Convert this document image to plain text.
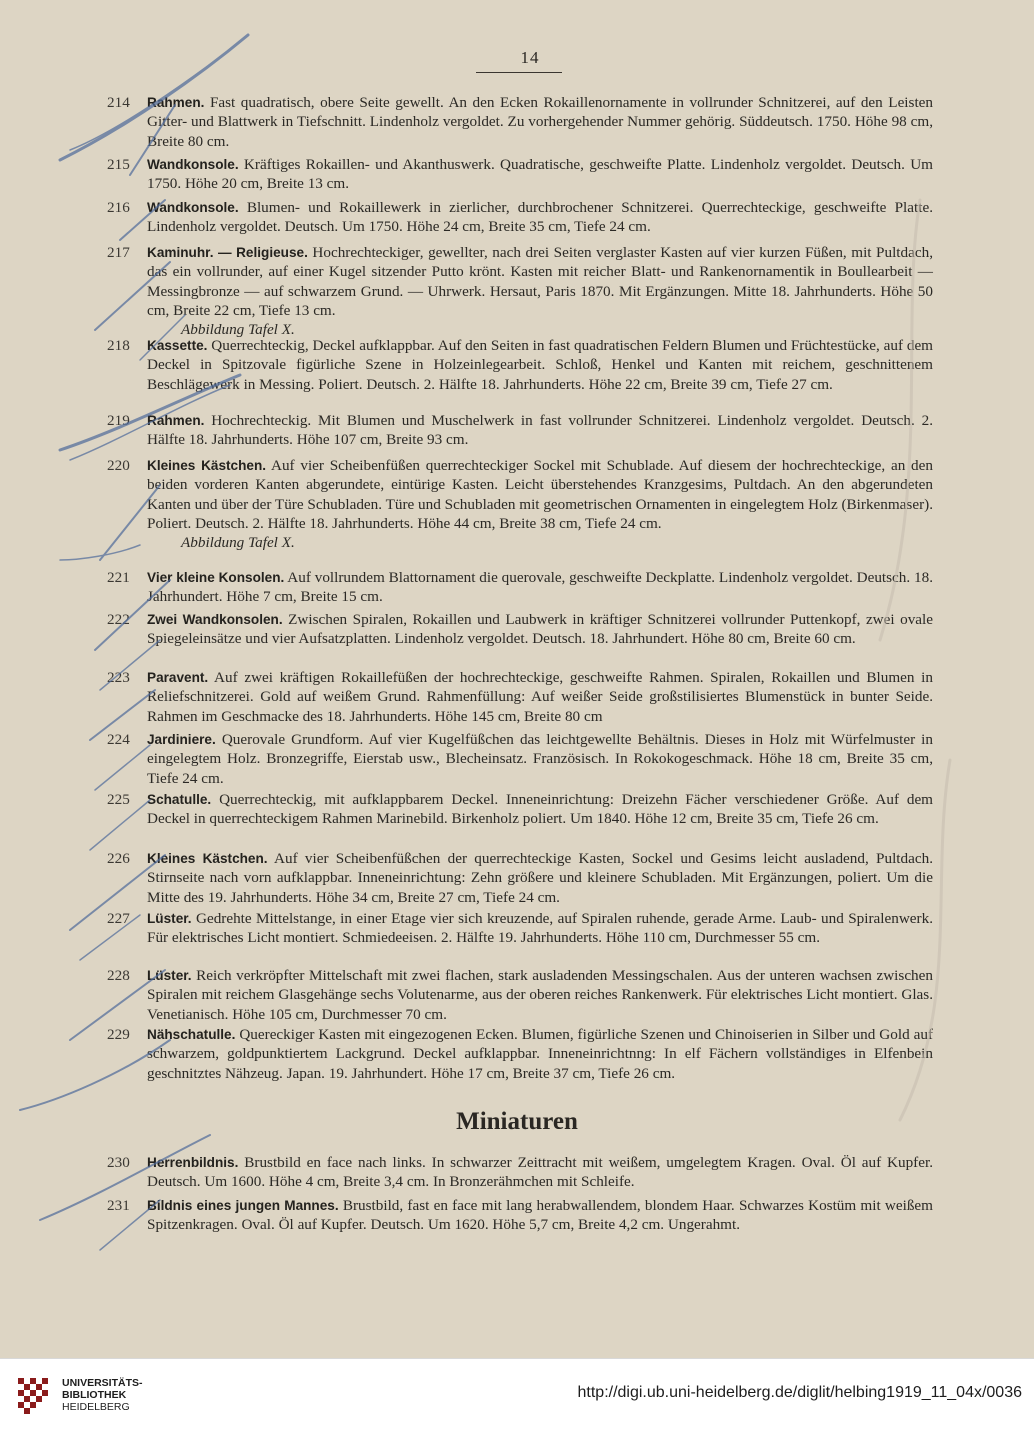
14
214	Rahmen. Fast quadratisch, obere Seite gewellt. An den Ecken Rokaillenornamente in vollrunder Schnitzerei, auf den Leisten Gitter- und Blattwerk in Tiefschnitt. Lindenholz vergoldet. Zu vorhergehender Nummer gehörig. Süddeutsch. 1750. Höhe 98 cm, Breite 80 cm.
215	Wandkonsole. Kräftiges Rokaillen- und Akanthuswerk. Quadratische, geschweifte Platte. Lindenholz vergoldet. Deutsch. Um 1750. Höhe 20 cm, Breite 13 cm.
216	Wandkonsole. Blumen- und Rokaillewerk in zierlicher, durchbrochener Schnitzerei. Querrechteckige, geschweifte Platte. Lindenholz vergoldet. Deutsch. Um 1750. Höhe 24 cm, Breite 35 cm, Tiefe 24 cm.
217	Kaminuhr. — Religieuse. Hochrechteckiger, gewellter, nach drei Seiten verglaster Kasten auf vier kurzen Füßen, mit Pultdach, das ein vollrunder, auf einer Kugel sitzender Putto krönt. Kasten mit reicher Blatt- und Rankenornamentik in Boullearbeit — Messingbronze — auf schwarzem Grund. — Uhrwerk. Hersaut, Paris 1870. Mit Ergänzungen. Mitte 18. Jahrhunderts. Höhe 50 cm, Breite 22 cm, Tiefe 13 cm.
Abbildung Tafel X.
218	Kassette. Querrechteckig, Deckel aufklappbar. Auf den Seiten in fast quadratischen Feldern Blumen und Früchtestücke, auf dem Deckel in Spitzovale figürliche Szene in Holzeinlegearbeit. Schloß, Henkel und Kanten mit reichem, geschnittenem Beschlägewerk in Messing. Poliert. Deutsch. 2. Hälfte 18. Jahrhunderts. Höhe 22 cm, Breite 39 cm, Tiefe 27 cm.
219	Rahmen. Hochrechteckig. Mit Blumen und Muschelwerk in fast vollrunder Schnitzerei. Lindenholz vergoldet. Deutsch. 2. Hälfte 18. Jahrhunderts. Höhe 107 cm, Breite 93 cm.
220	Kleines Kästchen. Auf vier Scheibenfüßen querrechteckiger Sockel mit Schublade. Auf diesem der hochrechteckige, an den beiden vorderen Kanten abgerundete, eintürige Kasten. Leicht überstehendes Kranzgesims, Pultdach. An den abgerundeten Kanten und über der Türe Schubladen. Türe und Schubladen mit geometrischen Ornamenten in eingelegtem Holz (Birkenmaser). Poliert. Deutsch. 2. Hälfte 18. Jahrhunderts. Höhe 44 cm, Breite 38 cm, Tiefe 24 cm.
Abbildung Tafel X.
221	Vier kleine Konsolen. Auf vollrundem Blattornament die querovale, geschweifte Deckplatte. Lindenholz vergoldet. Deutsch. 18. Jahrhundert. Höhe 7 cm, Breite 15 cm.
222	Zwei Wandkonsolen. Zwischen Spiralen, Rokaillen und Laubwerk in kräftiger Schnitzerei vollrunder Puttenkopf, zwei ovale Spiegeleinsätze und vier Aufsatzplatten. Lindenholz vergoldet. Deutsch. 18. Jahrhundert. Höhe 80 cm, Breite 60 cm.
223	Paravent. Auf zwei kräftigen Rokaillefüßen der hochrechteckige, geschweifte Rahmen. Spiralen, Rokaillen und Blumen in Reliefschnitzerei. Gold auf weißem Grund. Rahmenfüllung: Auf weißer Seide großstilisiertes Blumenstück in bunter Seide. Rahmen im Geschmacke des 18. Jahrhunderts. Höhe 145 cm, Breite 80 cm
224	Jardiniere. Querovale Grundform. Auf vier Kugelfüßchen das leichtgewellte Behältnis. Dieses in Holz mit Würfelmuster in eingelegtem Holz. Bronzegriffe, Eierstab usw., Blecheinsatz. Französisch. In Rokokogeschmack. Höhe 18 cm, Breite 35 cm, Tiefe 24 cm.
225	Schatulle. Querrechteckig, mit aufklappbarem Deckel. Inneneinrichtung: Dreizehn Fächer verschiedener Größe. Auf dem Deckel in querrechteckigem Rahmen Marinebild. Birkenholz poliert. Um 1840. Höhe 12 cm, Breite 35 cm, Tiefe 26 cm.
226	Kleines Kästchen. Auf vier Scheibenfüßchen der querrechteckige Kasten, Sockel und Gesims leicht ausladend, Pultdach. Stirnseite nach vorn aufklappbar. Inneneinrichtung: Zehn größere und kleinere Schubladen. Mit Ergänzungen, poliert. Um die Mitte des 19. Jahrhunderts. Höhe 34 cm, Breite 27 cm, Tiefe 24 cm.
227	Lüster. Gedrehte Mittelstange, in einer Etage vier sich kreuzende, auf Spiralen ruhende, gerade Arme. Laub- und Spiralenwerk. Für elektrisches Licht montiert. Schmiedeeisen. 2. Hälfte 19. Jahrhunderts. Höhe 110 cm, Durchmesser 55 cm.
228	Lüster. Reich verkröpfter Mittelschaft mit zwei flachen, stark ausladenden Messingschalen. Aus der unteren wachsen zwischen Spiralen mit reichem Glasgehänge sechs Volutenarme, aus der oberen reiches Rankenwerk. Für elektrisches Licht montiert. Glas. Venetianisch. Höhe 105 cm, Durchmesser 70 cm.
229	Nähschatulle. Quereckiger Kasten mit eingezogenen Ecken. Blumen, figürliche Szenen und Chinoiserien in Silber und Gold auf schwarzem, goldpunktiertem Lackgrund. Deckel aufklappbar. Inneneinrichtnng: In elf Fächern vollständiges in Elfenbein geschnitztes Nähzeug. Japan. 19. Jahrhundert. Höhe 17 cm, Breite 37 cm, Tiefe 26 cm.
Miniaturen
230	Herrenbildnis. Brustbild en face nach links. In schwarzer Zeittracht mit weißem, umgelegtem Kragen. Oval. Öl auf Kupfer. Deutsch. Um 1600. Höhe 4 cm, Breite 3,4 cm. In Bronzerähmchen mit Schleife.
231	Bildnis eines jungen Mannes. Brustbild, fast en face mit lang herabwallendem, blondem Haar. Schwarzes Kostüm mit weißem Spitzenkragen. Oval. Öl auf Kupfer. Deutsch. Um 1620. Höhe 5,7 cm, Breite 4,2 cm. Ungerahmt.
UNIVERSITÄTS-
BIBLIOTHEK
HEIDELBERG
http://digi.ub.uni-heidelberg.de/diglit/helbing1919_11_04x/0036
